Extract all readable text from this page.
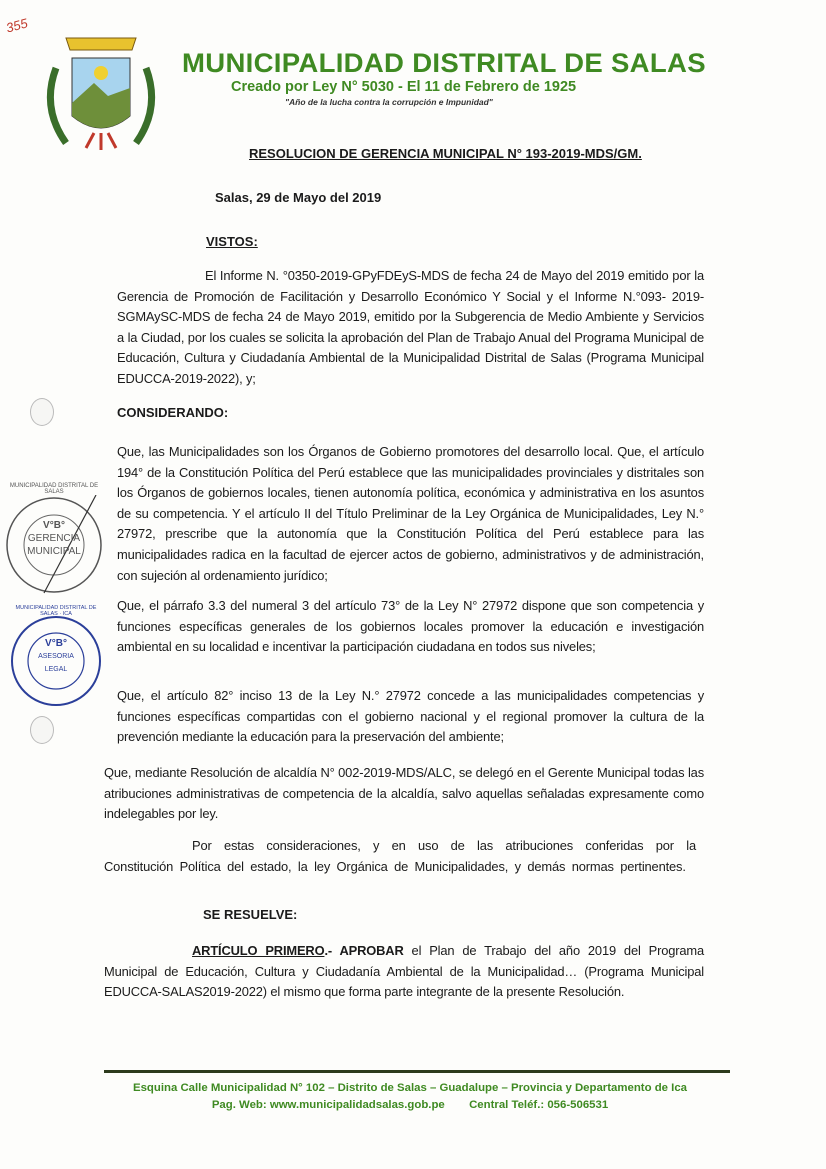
355
MUNICIPALIDAD DISTRITAL DE SALAS
Creado por Ley N° 5030 - El 11 de Febrero de 1925
"Año de la lucha contra la corrupción e Impunidad"
RESOLUCION DE GERENCIA MUNICIPAL N° 193-2019-MDS/GM.
Salas, 29 de Mayo del 2019
VISTOS:
El Informe N. °0350-2019-GPyFDEyS-MDS de fecha 24 de Mayo del 2019 emitido por la Gerencia de Promoción de Facilitación y Desarrollo Económico Y Social y el Informe N.°093- 2019-SGMAySC-MDS de fecha 24 de Mayo 2019, emitido por la Subgerencia de Medio Ambiente y Servicios a la Ciudad, por los cuales se solicita la aprobación del Plan de Trabajo Anual del Programa Municipal de Educación, Cultura y Ciudadanía Ambiental de la Municipalidad Distrital de Salas (Programa Municipal EDUCCA-2019-2022), y;
CONSIDERANDO:
Que, las Municipalidades son los Órganos de Gobierno promotores del desarrollo local. Que, el artículo 194° de la Constitución Política del Perú establece que las municipalidades provinciales y distritales son los Órganos de gobiernos locales, tienen autonomía política, económica y administrativa en los asuntos de su competencia. Y el artículo II del Título Preliminar de la Ley Orgánica de Municipalidades, Ley N.° 27972, prescribe que la autonomía que la Constitución Política del Perú establece para las municipalidades radica en la facultad de ejercer actos de gobierno, administrativos y de administración, con sujeción al ordenamiento jurídico;
Que, el párrafo 3.3 del numeral 3 del artículo 73° de la Ley N° 27972 dispone que son competencia y funciones específicas generales de los gobiernos locales promover la educación e investigación ambiental en su localidad e incentivar la participación ciudadana en todos sus niveles;
Que, el artículo 82° inciso 13 de la Ley N.° 27972 concede a las municipalidades competencias y funciones específicas compartidas con el gobierno nacional y el regional promover la cultura de la prevención mediante la educación para la preservación del ambiente;
Que, mediante Resolución de alcaldía N° 002-2019-MDS/ALC, se delegó en el Gerente Municipal todas las atribuciones administrativas de competencia de la alcaldía, salvo aquellas señaladas expresamente como indelegables por ley.
Por estas consideraciones, y en uso de las atribuciones conferidas por la Constitución Política del estado, la ley Orgánica de Municipalidades, y demás normas pertinentes.
SE RESUELVE:
ARTÍCULO PRIMERO.- APROBAR el Plan de Trabajo del año 2019 del Programa Municipal de Educación, Cultura y Ciudadanía Ambiental de la Municipalidad… (Programa Municipal EDUCCA-SALAS2019-2022) el mismo que forma parte integrante de la presente Resolución.
V°B°
GERENCIA
MUNICIPAL
MUNICIPALIDAD DISTRITAL DE SALAS
V°B°
ASESORIA
LEGAL
MUNICIPALIDAD DISTRITAL DE SALAS · ICA
Esquina Calle Municipalidad N° 102 – Distrito de Salas – Guadalupe – Provincia y Departamento de Ica
Pag. Web: www.municipalidadsalas.gob.pe Central Teléf.: 056-506531
